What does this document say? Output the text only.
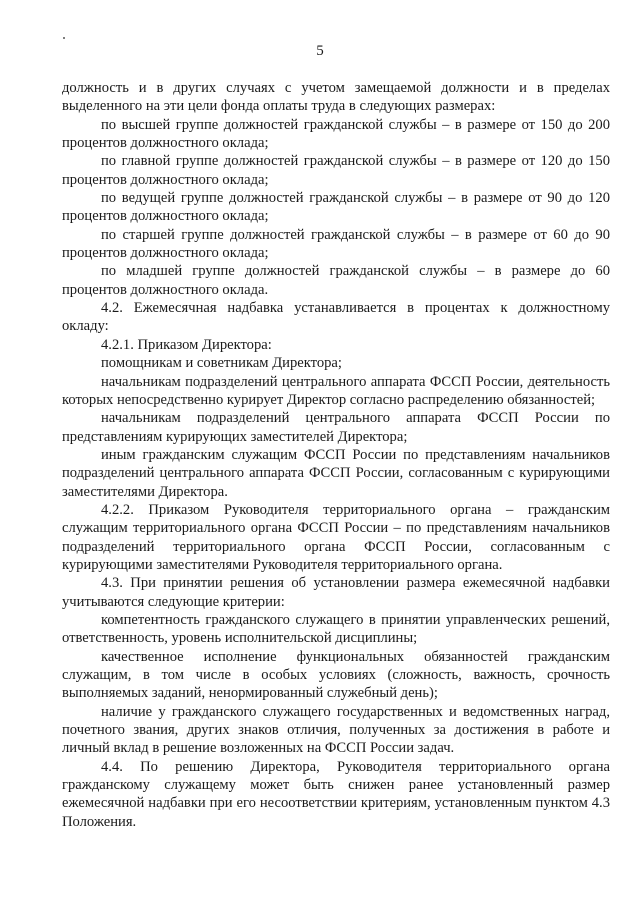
5

должность и в других случаях с учетом замещаемой должности и в пределах выделенного на эти цели фонда оплаты труда в следующих размерах:

по высшей группе должностей гражданской службы – в размере от 150 до 200 процентов должностного оклада;

по главной группе должностей гражданской службы – в размере от 120 до 150 процентов должностного оклада;

по ведущей группе должностей гражданской службы – в размере от 90 до 120 процентов должностного оклада;

по старшей группе должностей гражданской службы – в размере от 60 до 90 процентов должностного оклада;

по младшей группе должностей гражданской службы – в размере до 60 процентов должностного оклада.

4.2. Ежемесячная надбавка устанавливается в процентах к должностному окладу:

4.2.1. Приказом Директора:

помощникам и советникам Директора;

начальникам подразделений центрального аппарата ФССП России, деятельность которых непосредственно курирует Директор согласно распределению обязанностей;

начальникам подразделений центрального аппарата ФССП России по представлениям курирующих заместителей Директора;

иным гражданским служащим ФССП России по представлениям начальников подразделений центрального аппарата ФССП России, согласованным с курирующими заместителями Директора.

4.2.2. Приказом Руководителя территориального органа – гражданским служащим территориального органа ФССП России – по представлениям начальников подразделений территориального органа ФССП России, согласованным с курирующими заместителями Руководителя территориального органа.

4.3. При принятии решения об установлении размера ежемесячной надбавки учитываются следующие критерии:

компетентность гражданского служащего в принятии управленческих решений, ответственность, уровень исполнительской дисциплины;

качественное исполнение функциональных обязанностей гражданским служащим, в том числе в особых условиях (сложность, важность, срочность выполняемых заданий, ненормированный служебный день);

наличие у гражданского служащего государственных и ведомственных наград, почетного звания, других знаков отличия, полученных за достижения в работе и личный вклад в решение возложенных на ФССП России задач.

4.4. По решению Директора, Руководителя территориального органа гражданскому служащему может быть снижен ранее установленный размер ежемесячной надбавки при его несоответствии критериям, установленным пунктом 4.3 Положения.
